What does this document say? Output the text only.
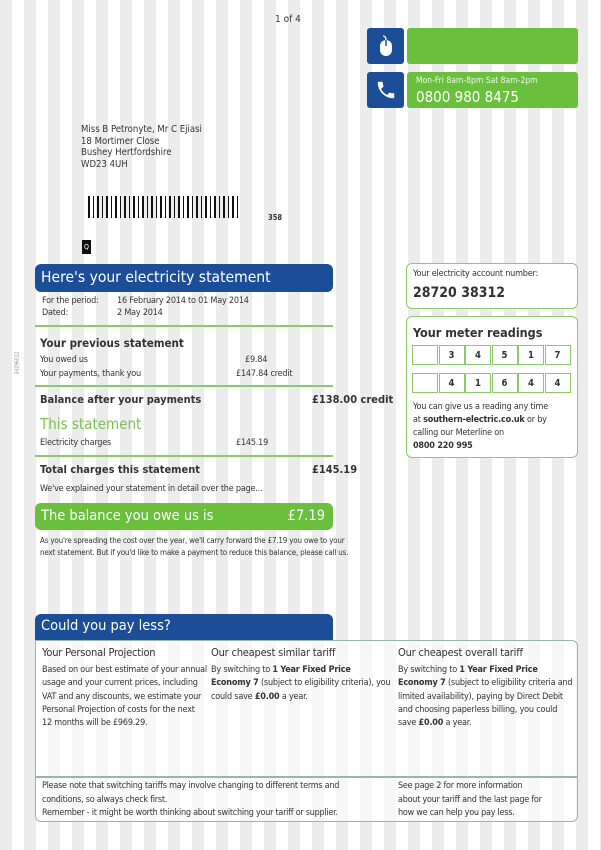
1 of 4
Mon-Fri 8am-8pm Sat 8am-2pm
0800 980 8475
Miss B Petronyte, Mr C Ejiasi
18 Mortimer Close
Bushey Hertfordshire
WD23 4UH
358
Q
34296012
Here's your electricity statement
For the period: 16 February 2014 to 01 May 2014
Dated:	2 May 2014
Your previous statement
You owed us	£9.84
Your payments, thank you	£147.84 credit
Balance after your payments	£138.00 credit
This statement
Electricity charges	£145.19
Total charges this statement	£145.19
We've explained your statement in detail over the page...
The balance you owe us is	£7.19
As you're spreading the cost over the year, we'll carry forward the £7.19 you owe to your
next statement. But if you'd like to make a payment to reduce this balance, please call us.
Your electricity account number:
28720 38312
Your meter readings
3	4	5	1	7
4	1	6	4	4
You can give us a reading any time
at southern-electric.co.uk or by
calling our Meterline on
0800 220 995
Could you pay less?
Your Personal Projection
Based on our best estimate of your annual usage and your current prices, including VAT and any discounts, we estimate your Personal Projection of costs for the next 12 months will be £969.29.
Our cheapest similar tariff
By switching to 1 Year Fixed Price Economy 7 (subject to eligibility criteria), you could save £0.00 a year.
Our cheapest overall tariff
By switching to 1 Year Fixed Price Economy 7 (subject to eligibility criteria and limited availability), paying by Direct Debit and choosing paperless billing, you could save £0.00 a year.
Please note that switching tariffs may involve changing to different terms and
conditions, so always check first.
Remember - it might be worth thinking about switching your tariff or supplier.
See page 2 for more information
about your tariff and the last page for
how we can help you pay less.
